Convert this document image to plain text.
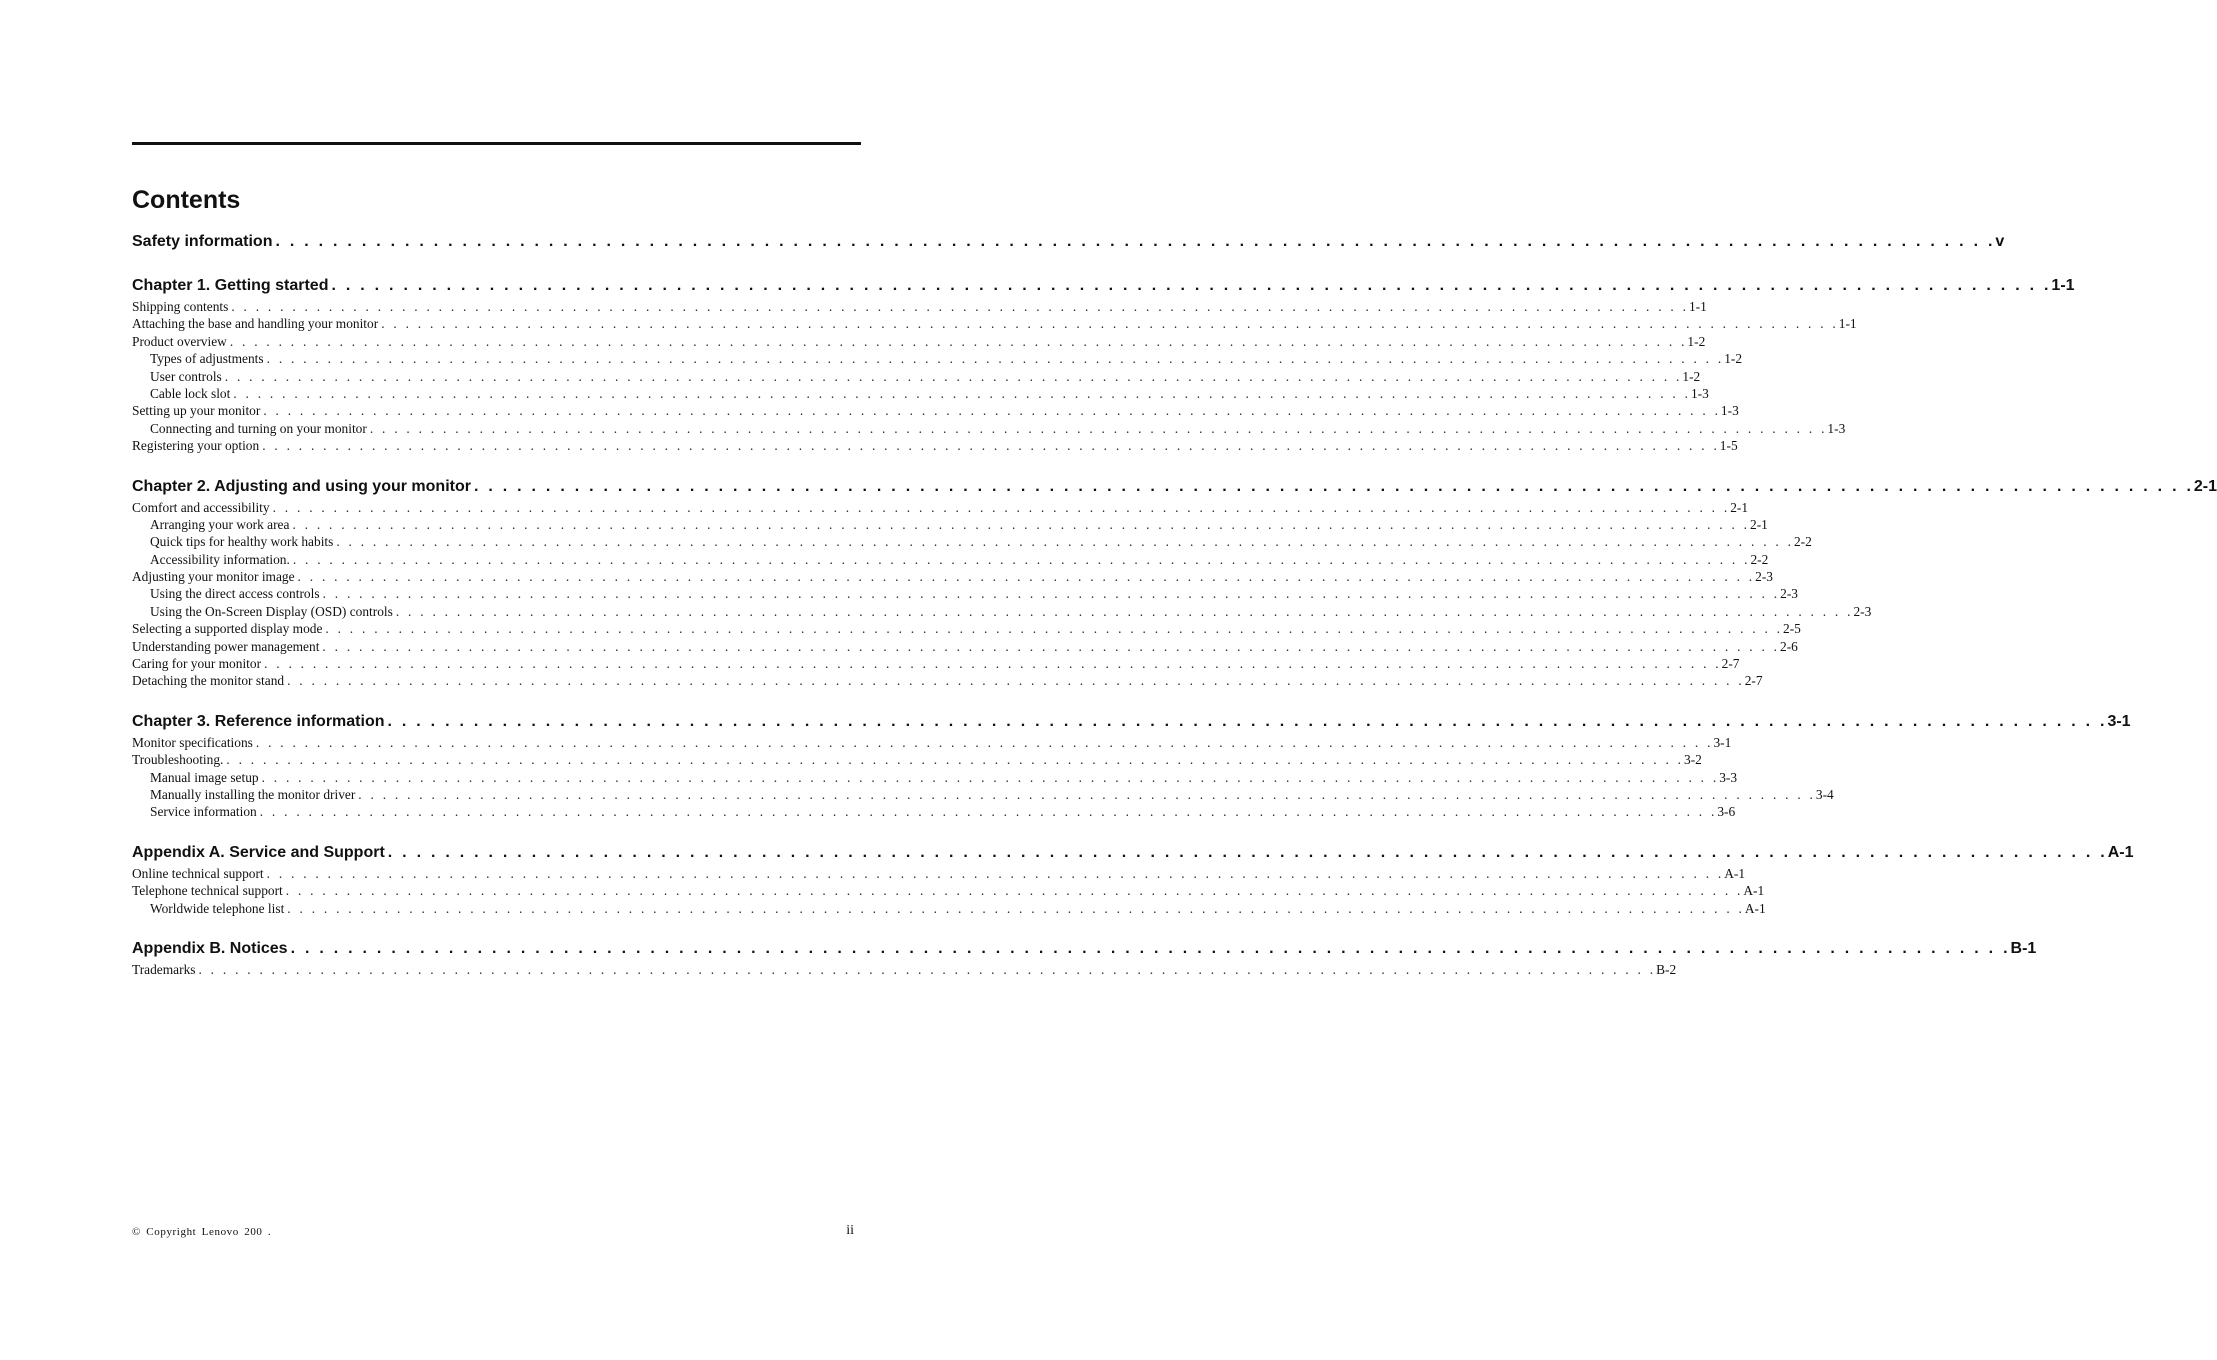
Contents
Safety information . . . . . . . . . . . . . . . . . . . . . . . . . . . . . . . . . . . . . . . . . . . . . . . . . . . . . . . . . . . . . . . . . . . . . . . . . . . . . . . . . . . . . . . . . . . . . . . . . . . . . . . . . . . . . . . . . . . . . . . . v
Chapter 1. Getting started . . . . . . . . . . . . . . . . . . . . . . . . . . . . . . . . . . . . . . . . . . . . . . . . . . . . . . . . . . . . . . . . . . . . . . . . . . . . . . . . . . . . . . . . . . . . . . . . . . . . . . . . . . . . . . . . . . . . . . . . 1-1
Shipping contents . . . . . . . . . . . . . . . . . . . . . . . . . . . . . . . . . . . . . . . . . . . . . . . . . . . . . . . . . . . . . . . . . . . . . . . . . . . . . . . . . . . . . . . . . . . . . . . . . . . . . . . . . . . . . . . . . . . . . . . . 1-1
Attaching the base and handling your monitor . . . . . . . . . . . . . . . . . . . . . . . . . . . . . . . . . . . . . . . . . . . . . . . . . . . . . . . . . . . . . . . . . . . . . . . . . . . . . . . . . . . . . . . . . . . . . . . . . . . . . . . . . . . . . . . . . . . . . . . . 1-1
Product overview . . . . . . . . . . . . . . . . . . . . . . . . . . . . . . . . . . . . . . . . . . . . . . . . . . . . . . . . . . . . . . . . . . . . . . . . . . . . . . . . . . . . . . . . . . . . . . . . . . . . . . . . . . . . . . . . . . . . . . . . 1-2
Types of adjustments . . . . . . . . . . . . . . . . . . . . . . . . . . . . . . . . . . . . . . . . . . . . . . . . . . . . . . . . . . . . . . . . . . . . . . . . . . . . . . . . . . . . . . . . . . . . . . . . . . . . . . . . . . . . . . . . . . . . . . . . 1-2
User controls . . . . . . . . . . . . . . . . . . . . . . . . . . . . . . . . . . . . . . . . . . . . . . . . . . . . . . . . . . . . . . . . . . . . . . . . . . . . . . . . . . . . . . . . . . . . . . . . . . . . . . . . . . . . . . . . . . . . . . . . 1-2
Cable lock slot . . . . . . . . . . . . . . . . . . . . . . . . . . . . . . . . . . . . . . . . . . . . . . . . . . . . . . . . . . . . . . . . . . . . . . . . . . . . . . . . . . . . . . . . . . . . . . . . . . . . . . . . . . . . . . . . . . . . . . . . 1-3
Setting up your monitor . . . . . . . . . . . . . . . . . . . . . . . . . . . . . . . . . . . . . . . . . . . . . . . . . . . . . . . . . . . . . . . . . . . . . . . . . . . . . . . . . . . . . . . . . . . . . . . . . . . . . . . . . . . . . . . . . . . . . . . . 1-3
Connecting and turning on your monitor . . . . . . . . . . . . . . . . . . . . . . . . . . . . . . . . . . . . . . . . . . . . . . . . . . . . . . . . . . . . . . . . . . . . . . . . . . . . . . . . . . . . . . . . . . . . . . . . . . . . . . . . . . . . . . . . . . . . . . . . 1-3
Registering your option . . . . . . . . . . . . . . . . . . . . . . . . . . . . . . . . . . . . . . . . . . . . . . . . . . . . . . . . . . . . . . . . . . . . . . . . . . . . . . . . . . . . . . . . . . . . . . . . . . . . . . . . . . . . . . . . . . . . . . . . 1-5
Chapter 2. Adjusting and using your monitor . . . . . . . . . . . . . . . . . . . . . . . . . . . . . . . . . . . . . . . . . . . . . . . . . . . . . . . . . . . . . . . . . . . . . . . . . . . . . . . . . . . . . . . . . . . . . . . . . . . . . . . . . . . . . . . . . . . . . . . . 2-1
Comfort and accessibility . . . . . . . . . . . . . . . . . . . . . . . . . . . . . . . . . . . . . . . . . . . . . . . . . . . . . . . . . . . . . . . . . . . . . . . . . . . . . . . . . . . . . . . . . . . . . . . . . . . . . . . . . . . . . . . . . . . . . . . . 2-1
Arranging your work area . . . . . . . . . . . . . . . . . . . . . . . . . . . . . . . . . . . . . . . . . . . . . . . . . . . . . . . . . . . . . . . . . . . . . . . . . . . . . . . . . . . . . . . . . . . . . . . . . . . . . . . . . . . . . . . . . . . . . . . . 2-1
Quick tips for healthy work habits . . . . . . . . . . . . . . . . . . . . . . . . . . . . . . . . . . . . . . . . . . . . . . . . . . . . . . . . . . . . . . . . . . . . . . . . . . . . . . . . . . . . . . . . . . . . . . . . . . . . . . . . . . . . . . . . . . . . . . . . 2-2
Accessibility information. . . . . . . . . . . . . . . . . . . . . . . . . . . . . . . . . . . . . . . . . . . . . . . . . . . . . . . . . . . . . . . . . . . . . . . . . . . . . . . . . . . . . . . . . . . . . . . . . . . . . . . . . . . . . . . . . . . . . . . . . 2-2
Adjusting your monitor image . . . . . . . . . . . . . . . . . . . . . . . . . . . . . . . . . . . . . . . . . . . . . . . . . . . . . . . . . . . . . . . . . . . . . . . . . . . . . . . . . . . . . . . . . . . . . . . . . . . . . . . . . . . . . . . . . . . . . . . . 2-3
Using the direct access controls . . . . . . . . . . . . . . . . . . . . . . . . . . . . . . . . . . . . . . . . . . . . . . . . . . . . . . . . . . . . . . . . . . . . . . . . . . . . . . . . . . . . . . . . . . . . . . . . . . . . . . . . . . . . . . . . . . . . . . . . 2-3
Using the On-Screen Display (OSD) controls . . . . . . . . . . . . . . . . . . . . . . . . . . . . . . . . . . . . . . . . . . . . . . . . . . . . . . . . . . . . . . . . . . . . . . . . . . . . . . . . . . . . . . . . . . . . . . . . . . . . . . . . . . . . . . . . . . . . . . . . 2-3
Selecting a supported display mode . . . . . . . . . . . . . . . . . . . . . . . . . . . . . . . . . . . . . . . . . . . . . . . . . . . . . . . . . . . . . . . . . . . . . . . . . . . . . . . . . . . . . . . . . . . . . . . . . . . . . . . . . . . . . . . . . . . . . . . . 2-5
Understanding power management . . . . . . . . . . . . . . . . . . . . . . . . . . . . . . . . . . . . . . . . . . . . . . . . . . . . . . . . . . . . . . . . . . . . . . . . . . . . . . . . . . . . . . . . . . . . . . . . . . . . . . . . . . . . . . . . . . . . . . . . 2-6
Caring for your monitor . . . . . . . . . . . . . . . . . . . . . . . . . . . . . . . . . . . . . . . . . . . . . . . . . . . . . . . . . . . . . . . . . . . . . . . . . . . . . . . . . . . . . . . . . . . . . . . . . . . . . . . . . . . . . . . . . . . . . . . . 2-7
Detaching the monitor stand . . . . . . . . . . . . . . . . . . . . . . . . . . . . . . . . . . . . . . . . . . . . . . . . . . . . . . . . . . . . . . . . . . . . . . . . . . . . . . . . . . . . . . . . . . . . . . . . . . . . . . . . . . . . . . . . . . . . . . . . 2-7
Chapter 3. Reference information . . . . . . . . . . . . . . . . . . . . . . . . . . . . . . . . . . . . . . . . . . . . . . . . . . . . . . . . . . . . . . . . . . . . . . . . . . . . . . . . . . . . . . . . . . . . . . . . . . . . . . . . . . . . . . . . . . . . . . . . 3-1
Monitor specifications . . . . . . . . . . . . . . . . . . . . . . . . . . . . . . . . . . . . . . . . . . . . . . . . . . . . . . . . . . . . . . . . . . . . . . . . . . . . . . . . . . . . . . . . . . . . . . . . . . . . . . . . . . . . . . . . . . . . . . . . 3-1
Troubleshooting. . . . . . . . . . . . . . . . . . . . . . . . . . . . . . . . . . . . . . . . . . . . . . . . . . . . . . . . . . . . . . . . . . . . . . . . . . . . . . . . . . . . . . . . . . . . . . . . . . . . . . . . . . . . . . . . . . . . . . . . . 3-2
Manual image setup . . . . . . . . . . . . . . . . . . . . . . . . . . . . . . . . . . . . . . . . . . . . . . . . . . . . . . . . . . . . . . . . . . . . . . . . . . . . . . . . . . . . . . . . . . . . . . . . . . . . . . . . . . . . . . . . . . . . . . . . 3-3
Manually installing the monitor driver . . . . . . . . . . . . . . . . . . . . . . . . . . . . . . . . . . . . . . . . . . . . . . . . . . . . . . . . . . . . . . . . . . . . . . . . . . . . . . . . . . . . . . . . . . . . . . . . . . . . . . . . . . . . . . . . . . . . . . . . 3-4
Service information . . . . . . . . . . . . . . . . . . . . . . . . . . . . . . . . . . . . . . . . . . . . . . . . . . . . . . . . . . . . . . . . . . . . . . . . . . . . . . . . . . . . . . . . . . . . . . . . . . . . . . . . . . . . . . . . . . . . . . . . 3-6
Appendix A. Service and Support . . . . . . . . . . . . . . . . . . . . . . . . . . . . . . . . . . . . . . . . . . . . . . . . . . . . . . . . . . . . . . . . . . . . . . . . . . . . . . . . . . . . . . . . . . . . . . . . . . . . . . . . . . . . . . . . . . . . . . . . A-1
Online technical support . . . . . . . . . . . . . . . . . . . . . . . . . . . . . . . . . . . . . . . . . . . . . . . . . . . . . . . . . . . . . . . . . . . . . . . . . . . . . . . . . . . . . . . . . . . . . . . . . . . . . . . . . . . . . . . . . . . . . . . . A-1
Telephone technical support . . . . . . . . . . . . . . . . . . . . . . . . . . . . . . . . . . . . . . . . . . . . . . . . . . . . . . . . . . . . . . . . . . . . . . . . . . . . . . . . . . . . . . . . . . . . . . . . . . . . . . . . . . . . . . . . . . . . . . . . A-1
Worldwide telephone list . . . . . . . . . . . . . . . . . . . . . . . . . . . . . . . . . . . . . . . . . . . . . . . . . . . . . . . . . . . . . . . . . . . . . . . . . . . . . . . . . . . . . . . . . . . . . . . . . . . . . . . . . . . . . . . . . . . . . . . . A-1
Appendix B. Notices . . . . . . . . . . . . . . . . . . . . . . . . . . . . . . . . . . . . . . . . . . . . . . . . . . . . . . . . . . . . . . . . . . . . . . . . . . . . . . . . . . . . . . . . . . . . . . . . . . . . . . . . . . . . . . . . . . . . . . . . B-1
Trademarks . . . . . . . . . . . . . . . . . . . . . . . . . . . . . . . . . . . . . . . . . . . . . . . . . . . . . . . . . . . . . . . . . . . . . . . . . . . . . . . . . . . . . . . . . . . . . . . . . . . . . . . . . . . . . . . . . . . . . . . . B-2
© Copyright Lenovo 200 .	ii
